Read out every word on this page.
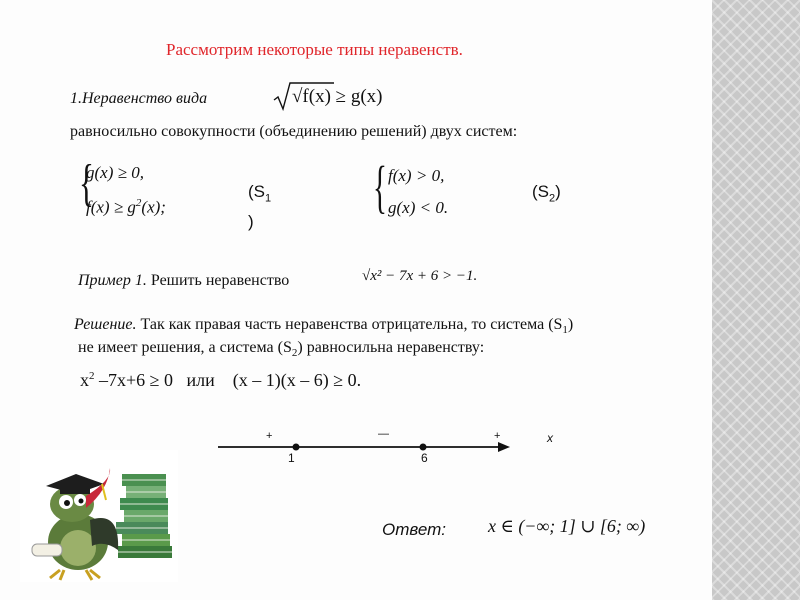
Рассмотрим некоторые типы неравенств.
1.Неравенство вида	√f(x) ≥ g(x)
равносильно совокупности (объединению решений) двух систем:
{
g(x) ≥ 0,
$f(x) \ge g^2(x)$;
($S_1$
)
{ f(x) > 0,
g(x) < 0.
$(S_2)$
Пример 1. Решить неравенство	√x² − 7x + 6 > −1.
Решение. Так как правая часть неравенства отрицательна, то система $(S_1)$
не имеет решения, а система $(S_2)$ равносильна неравенству:
$x^2$ –7x+6 ≥ 0   или    (x – 1)(x – 6) ≥ 0.
+	—	+	x
1	6
Ответ: x ∈ (−∞; 1] ∪ [6; ∞)
